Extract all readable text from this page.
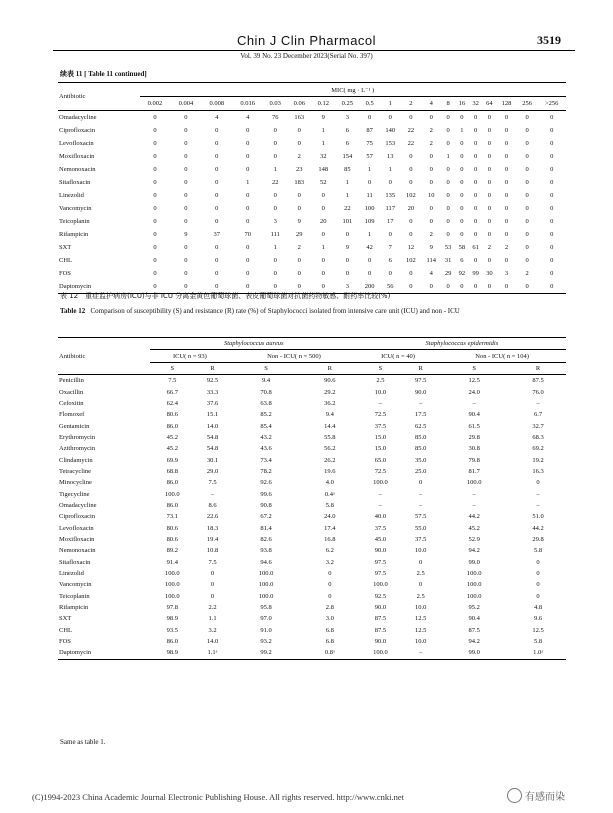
Chin J Clin Pharmacol	3519
Vol. 39 No. 23 December 2023(Serial No. 397)
续表 11 [ Table 11 continued]
Antibiotic	MIC( mg · L⁻¹ )																		
	0.002	0.004	0.008	0.016	0.03	0.06	0.12	0.25	0.5	1	2	4	8	16	32	64	128	256	>256
Omadacycline	0	0	4	4	76	163	9	3	0	0	0	0	0	0	0	0	0	0	0
Ciprofloxacin	0	0	0	0	0	0	1	6	87	140	22	2	0	1	0	0	0	0	0
Levofloxacin	0	0	0	0	0	0	1	6	75	153	22	2	0	0	0	0	0	0	0
Moxifloxacin	0	0	0	0	0	2	32	154	57	13	0	0	1	0	0	0	0	0	0
Nemonoxacin	0	0	0	0	1	23	148	85	1	1	0	0	0	0	0	0	0	0	0
Sitafloxacin	0	0	0	1	22	183	52	1	0	0	0	0	0	0	0	0	0	0	0
Linezolid	0	0	0	0	0	0	0	1	11	135	102	10	0	0	0	0	0	0	0
Vancomycin	0	0	0	0	0	0	0	22	100	117	20	0	0	0	0	0	0	0	0
Teicoplanin	0	0	0	0	3	9	20	101	109	17	0	0	0	0	0	0	0	0	0
Rifampicin	0	9	37	70	111	29	0	0	1	0	0	2	0	0	0	0	0	0	0
SXT	0	0	0	0	1	2	1	9	42	7	12	9	53	58	61	2	2	0	0
CHL	0	0	0	0	0	0	0	0	0	6	102	114	31	6	0	0	0	0	0
FOS	0	0	0	0	0	0	0	0	0	0	0	4	29	92	99	30	3	2	0
Daptomycin	0	0	0	0	0	0	0	3	200	56	0	0	0	0	0	0	0	0	0
表 12　重症监护病房(ICU)与非 ICU 分离金黄色葡萄球菌、表皮葡萄球菌对抗菌药物敏感、耐药率比较(%)
Table 12 Comparison of susceptibility (S) and resistance (R) rate (%) of Staphylococci isolated from intensive care unit (ICU) and non - ICU
Antibiotic	Staphylococcus aureus				Staphylococcus epidermidis			
	ICU( n = 93)		Non - ICU( n = 500)		ICU( n = 40)		Non - ICU( n = 104)	
	S	R	S	R	S	R	S	R
Penicillin	7.5	92.5	9.4	90.6	2.5	97.5	12.5	87.5
Oxacillin	66.7	33.3	70.8	29.2	10.0	90.0	24.0	76.0
Cefoxitin	62.4	37.6	63.8	36.2	–	–	–	–
Flomoxef	80.6	15.1	85.2	9.4	72.5	17.5	90.4	6.7
Gentamicin	86.0	14.0	85.4	14.4	37.5	62.5	61.5	32.7
Erythromycin	45.2	54.8	43.2	55.8	15.0	85.0	29.8	68.3
Azithromycin	45.2	54.8	43.6	56.2	15.0	85.0	30.8	69.2
Clindamycin	69.9	30.1	73.4	26.2	65.0	35.0	79.8	19.2
Tetracycline	68.8	29.0	78.2	19.6	72.5	25.0	81.7	16.3
Minocycline	86.0	7.5	92.6	4.0	100.0	0	100.0	0
Tigecycline	100.0	–	99.6	0.4ᵃ	–	–	–	–
Omadacycline	86.0	8.6	90.8	5.8	–	–	–	–
Ciprofloxacin	73.1	22.6	67.2	24.0	40.0	57.5	44.2	51.0
Levofloxacin	80.6	18.3	81.4	17.4	37.5	55.0	45.2	44.2
Moxifloxacin	80.6	19.4	82.6	16.8	45.0	37.5	52.9	29.8
Nemonoxacin	89.2	10.8	93.8	6.2	90.0	10.0	94.2	5.8
Sitafloxacin	91.4	7.5	94.6	3.2	97.5	0	99.0	0
Linezolid	100.0	0	100.0	0	97.5	2.5	100.0	0
Vancomycin	100.0	0	100.0	0	100.0	0	100.0	0
Teicoplanin	100.0	0	100.0	0	92.5	2.5	100.0	0
Rifampicin	97.8	2.2	95.8	2.8	90.0	10.0	95.2	4.8
SXT	98.9	1.1	97.0	3.0	87.5	12.5	90.4	9.6
CHL	93.5	3.2	91.0	6.8	87.5	12.5	87.5	12.5
FOS	86.0	14.0	93.2	6.8	90.0	10.0	94.2	5.8
Daptomycin	98.9	1.1ᵃ	99.2	0.8ᵃ	100.0	–	99.0	1.0ᵃ
Same as table 1.
(C)1994-2023 China Academic Journal Electronic Publishing House. All rights reserved. http://www.cnki.net	有感而染
